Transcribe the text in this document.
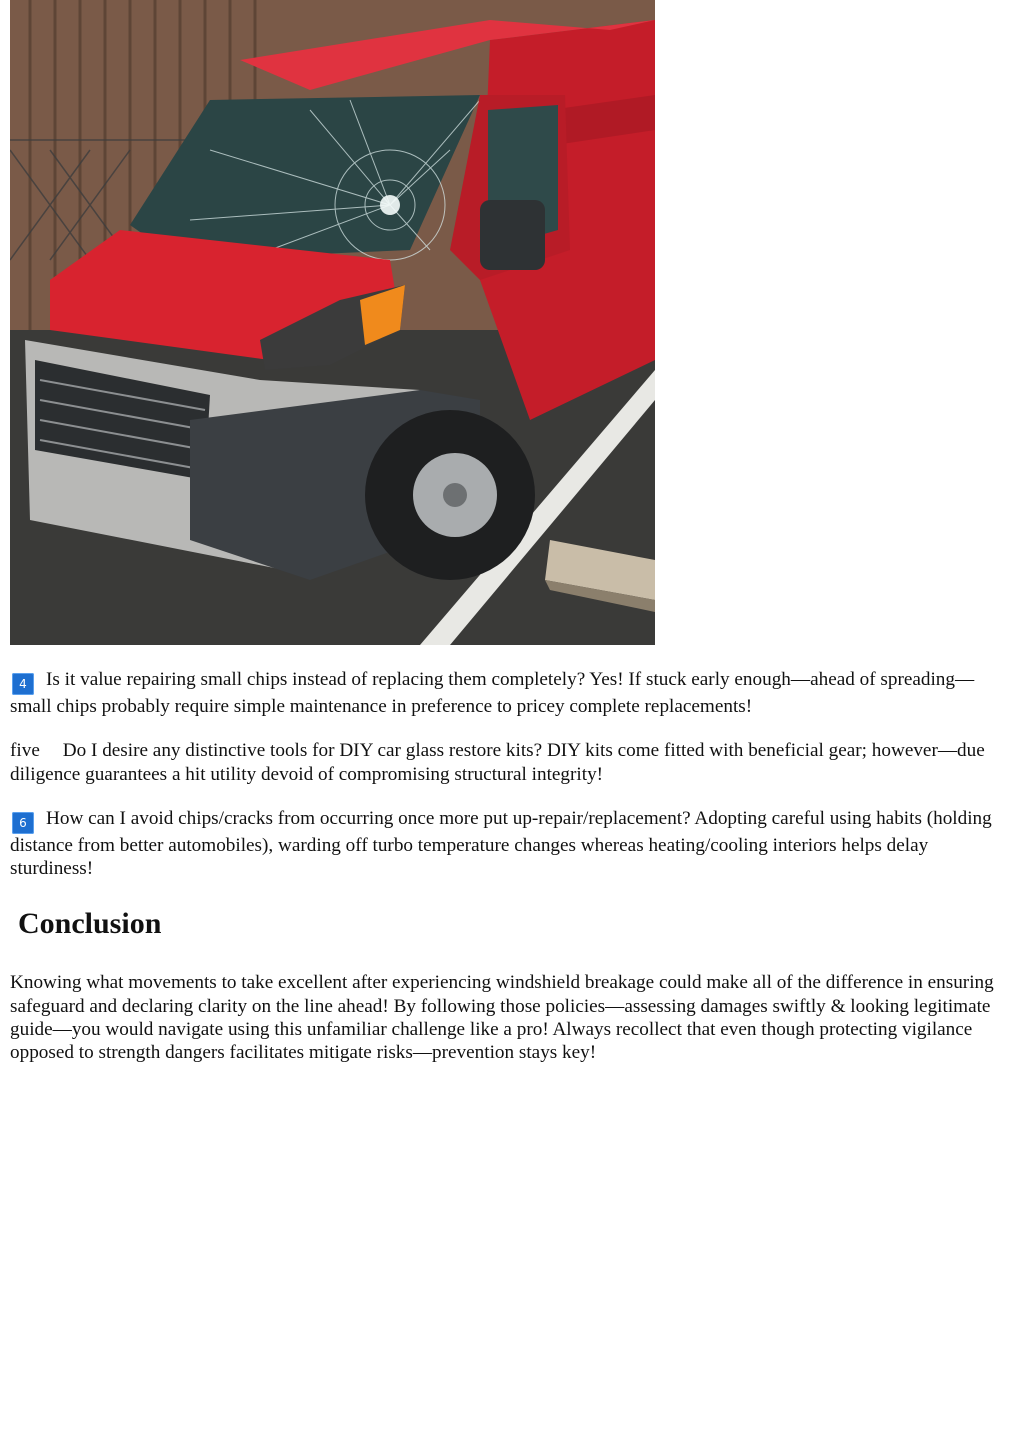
4 Is it value repairing small chips instead of replacing them completely? Yes! If stuck early enough—ahead of spreading—small chips probably require simple maintenance in preference to pricey complete replacements!

five⃣ Do I desire any distinctive tools for DIY car glass restore kits? DIY kits come fitted with beneficial gear; however—due diligence guarantees a hit utility devoid of compromising structural integrity!

6 How can I avoid chips/cracks from occurring once more put up-repair/replacement? Adopting careful using habits (holding distance from better automobiles), warding off turbo temperature changes whereas heating/cooling interiors helps delay sturdiness!

Conclusion

Knowing what movements to take excellent after experiencing windshield breakage could make all of the difference in ensuring safeguard and declaring clarity on the line ahead! By following those policies—assessing damages swiftly & looking legitimate guide—you would navigate using this unfamiliar challenge like a pro! Always recollect that even though protecting vigilance opposed to strength dangers facilitates mitigate risks—prevention stays key!
